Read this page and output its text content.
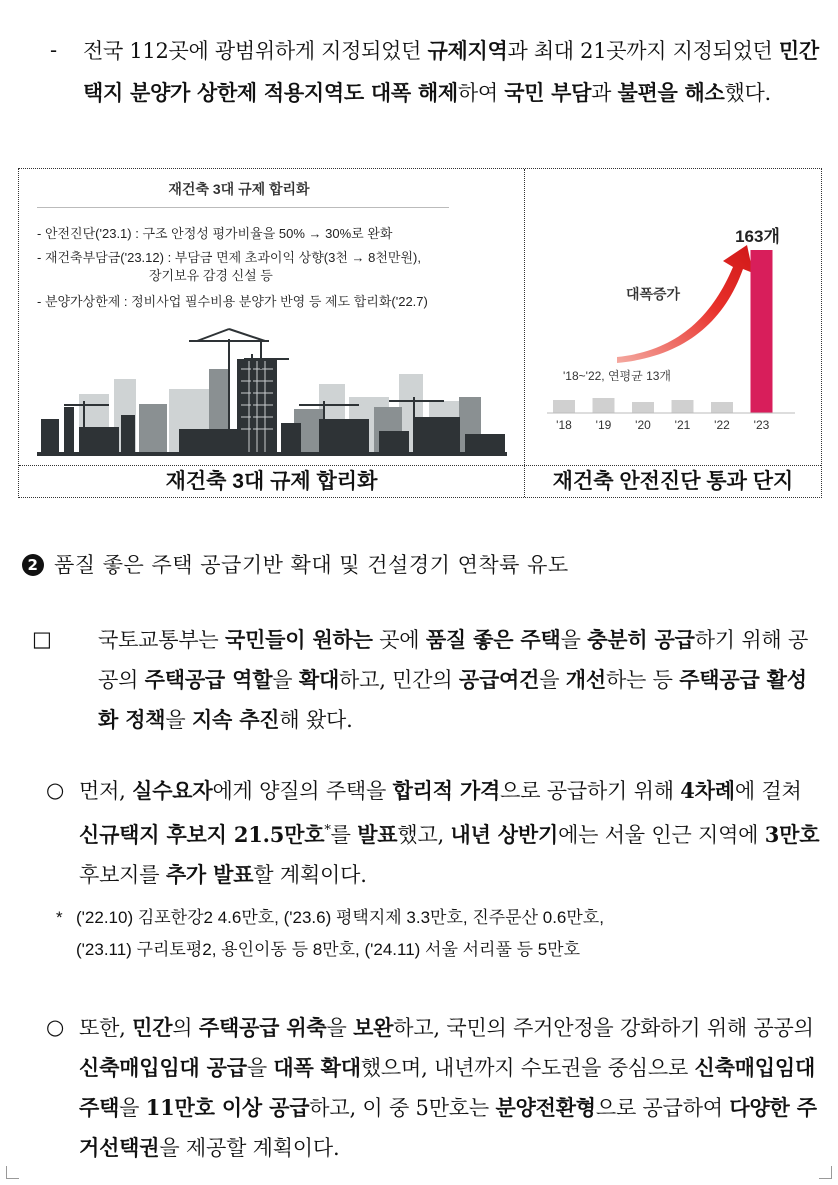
- 전국 112곳에 광범위하게 지정되었던 규제지역과 최대 21곳까지 지정되었던 민간택지 분양가 상한제 적용지역도 대폭 해제하여 국민 부담과 불편을 해소했다.
재건축 3대 규제 합리화
- 안전진단('23.1) : 구조 안정성 평가비율을 50% → 30%로 완화
- 재건축부담금('23.12) : 부담금 면제 초과이익 상향(3천 → 8천만원),
장기보유 감경 신설 등
- 분양가상한제 : 정비사업 필수비용 분양가 반영 등 제도 합리화('22.7)
'18 '19 '20 '21 '22 '23
대폭증가
'18~'22, 연평균 13개
163개
재건축 3대 규제 합리화	재건축 안전진단 통과 단지
2 품질 좋은 주택 공급기반 확대 및 건설경기 연착륙 유도
□	국토교통부는 국민들이 원하는 곳에 품질 좋은 주택을 충분히 공급하기 위해 공공의 주택공급 역할을 확대하고, 민간의 공급여건을 개선하는 등 주택공급 활성화 정책을 지속 추진해 왔다.
○ 먼저, 실수요자에게 양질의 주택을 합리적 가격으로 공급하기 위해 4차례에 걸쳐 신규택지 후보지 21.5만호*를 발표했고, 내년 상반기에는 서울 인근 지역에 3만호 후보지를 추가 발표할 계획이다.
* ('22.10) 김포한강2 4.6만호, ('23.6) 평택지제 3.3만호, 진주문산 0.6만호,
('23.11) 구리토평2, 용인이동 등 8만호, ('24.11) 서울 서리풀 등 5만호
○ 또한, 민간의 주택공급 위축을 보완하고, 국민의 주거안정을 강화하기 위해 공공의 신축매입임대 공급을 대폭 확대했으며, 내년까지 수도권을 중심으로 신축매입임대주택을 11만호 이상 공급하고, 이 중 5만호는 분양전환형으로 공급하여 다양한 주거선택권을 제공할 계획이다.
